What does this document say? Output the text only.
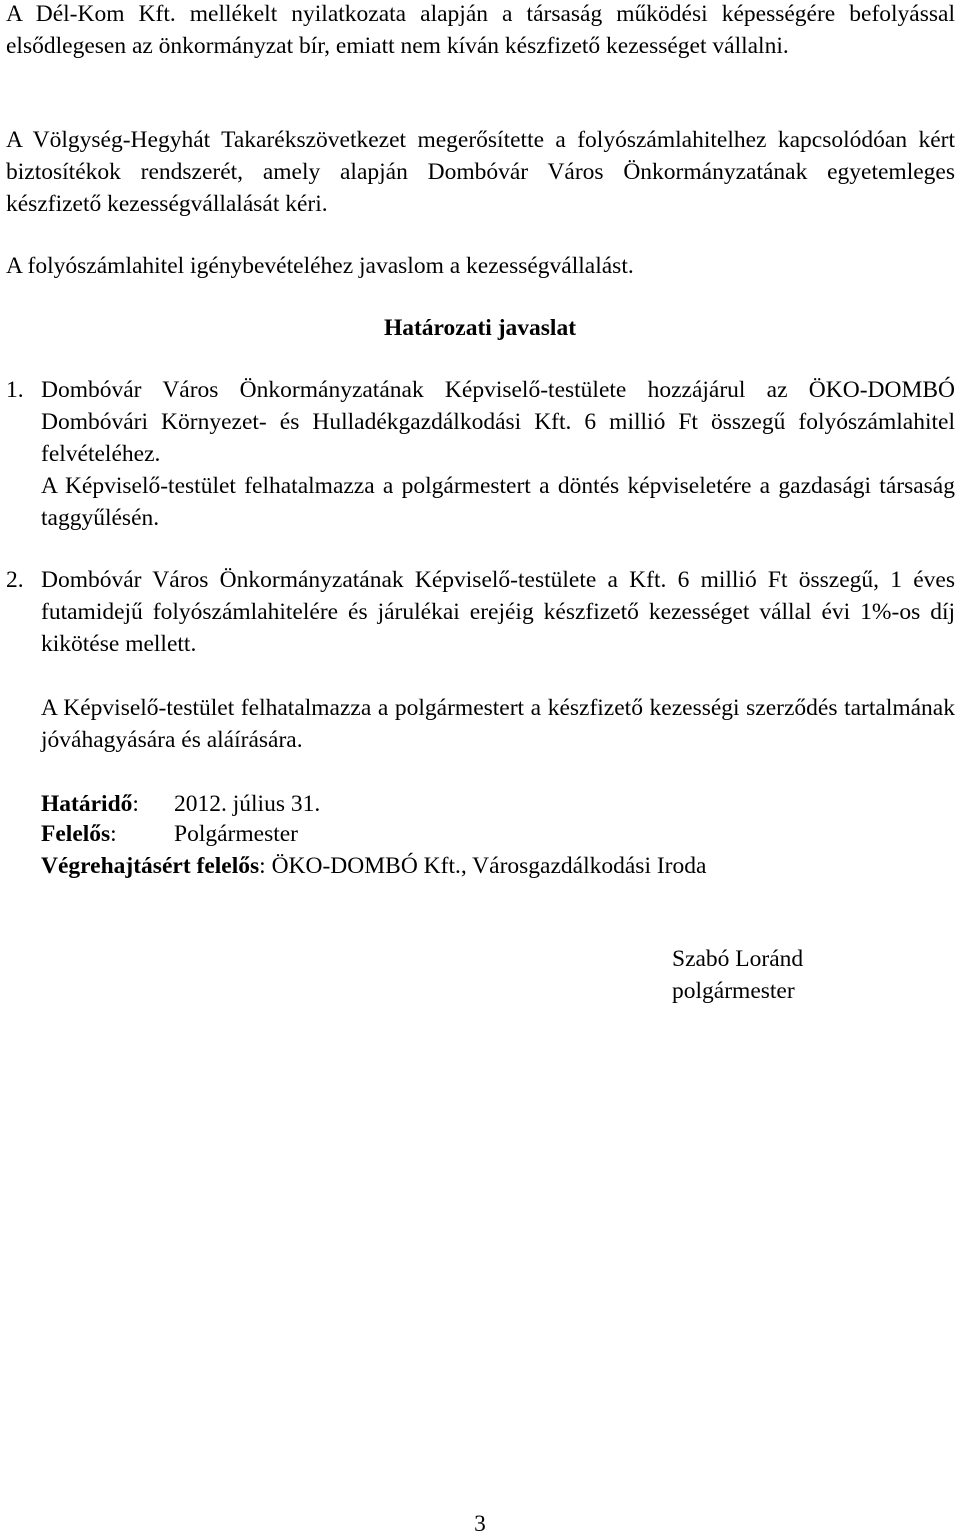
A Dél-Kom Kft. mellékelt nyilatkozata alapján a társaság működési képességére befolyással elsődlegesen az önkormányzat bír, emiatt nem kíván készfizető kezességet vállalni.

A Völgység-Hegyhát Takarékszövetkezet megerősítette a folyószámlahitelhez kapcsolódóan kért biztosítékok rendszerét, amely alapján Dombóvár Város Önkormányzatának egyetemleges készfizető kezességvállalását kéri.

A folyószámlahitel igénybevételéhez javaslom a kezességvállalást.

Határozati javaslat

1. Dombóvár Város Önkormányzatának Képviselő-testülete hozzájárul az ÖKO-DOMBÓ Dombóvári Környezet- és Hulladékgazdálkodási Kft. 6 millió Ft összegű folyószámlahitel felvételéhez.

A Képviselő-testület felhatalmazza a polgármestert a döntés képviseletére a gazdasági társaság taggyűlésén.

2. Dombóvár Város Önkormányzatának Képviselő-testülete a Kft. 6 millió Ft összegű, 1 éves futamidejű folyószámlahitelére és járulékai erejéig készfizető kezességet vállal évi 1%-os díj kikötése mellett.

A Képviselő-testület felhatalmazza a polgármestert a készfizető kezességi szerződés tartalmának jóváhagyására és aláírására.

Határidő: 2012. július 31.

Felelős: Polgármester

Végrehajtásért felelős: ÖKO-DOMBÓ Kft., Városgazdálkodási Iroda

Szabó Loránd

polgármester

3
